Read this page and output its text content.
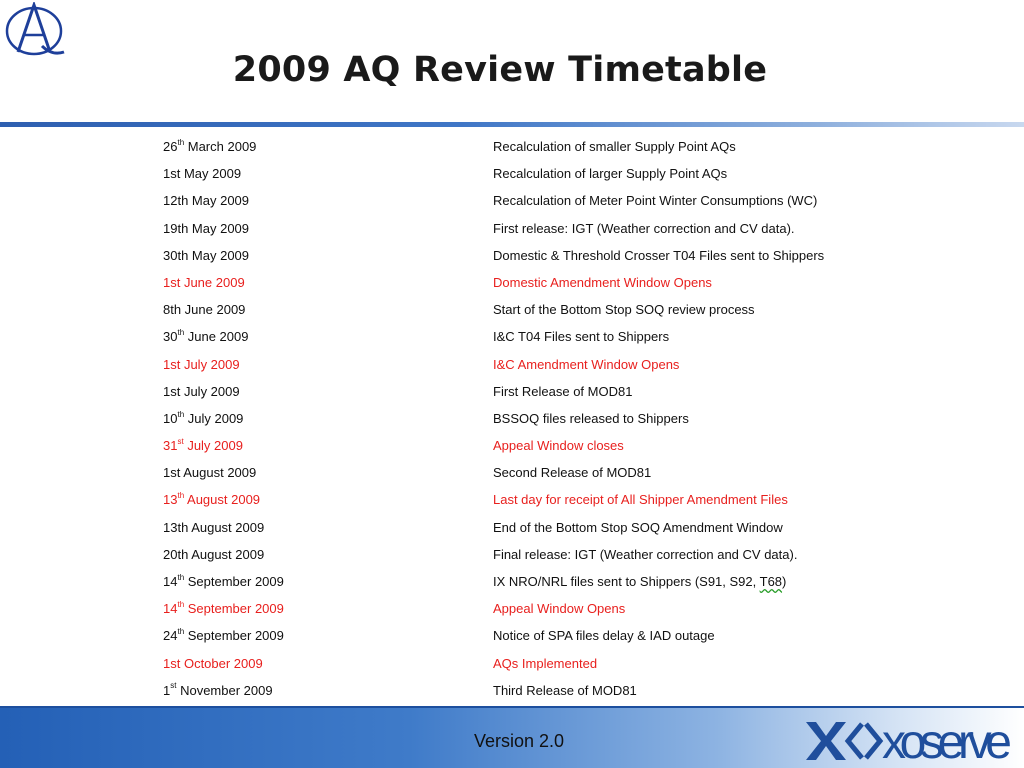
2009 AQ Review Timetable
26th March 2009	Recalculation of smaller Supply Point AQs
1st May 2009	Recalculation of larger Supply Point AQs
12th May 2009	Recalculation of Meter Point Winter Consumptions (WC)
19th May 2009	First release: IGT (Weather correction and CV data).
30th May 2009	Domestic & Threshold Crosser T04 Files sent to Shippers
1st June 2009	Domestic Amendment Window Opens
8th June 2009	Start of the Bottom Stop SOQ review process
30th June 2009	I&C T04 Files sent to Shippers
1st July 2009	I&C Amendment Window Opens
1st July 2009	First Release of MOD81
10th July 2009	BSSOQ files released to Shippers
31st July 2009	Appeal Window closes
1st August 2009	Second Release of MOD81
13th August 2009	Last day for receipt of All Shipper Amendment Files
13th August 2009	End of the Bottom Stop SOQ Amendment Window
20th August 2009	Final release: IGT (Weather correction and CV data).
14th September 2009	IX NRO/NRL files sent to Shippers (S91, S92, T68)
14th September 2009	Appeal Window Opens
24th September 2009	Notice of SPA files delay & IAD outage
1st October 2009	AQs Implemented
1st November 2009	Third Release of MOD81
Version 2.0	xoserve
